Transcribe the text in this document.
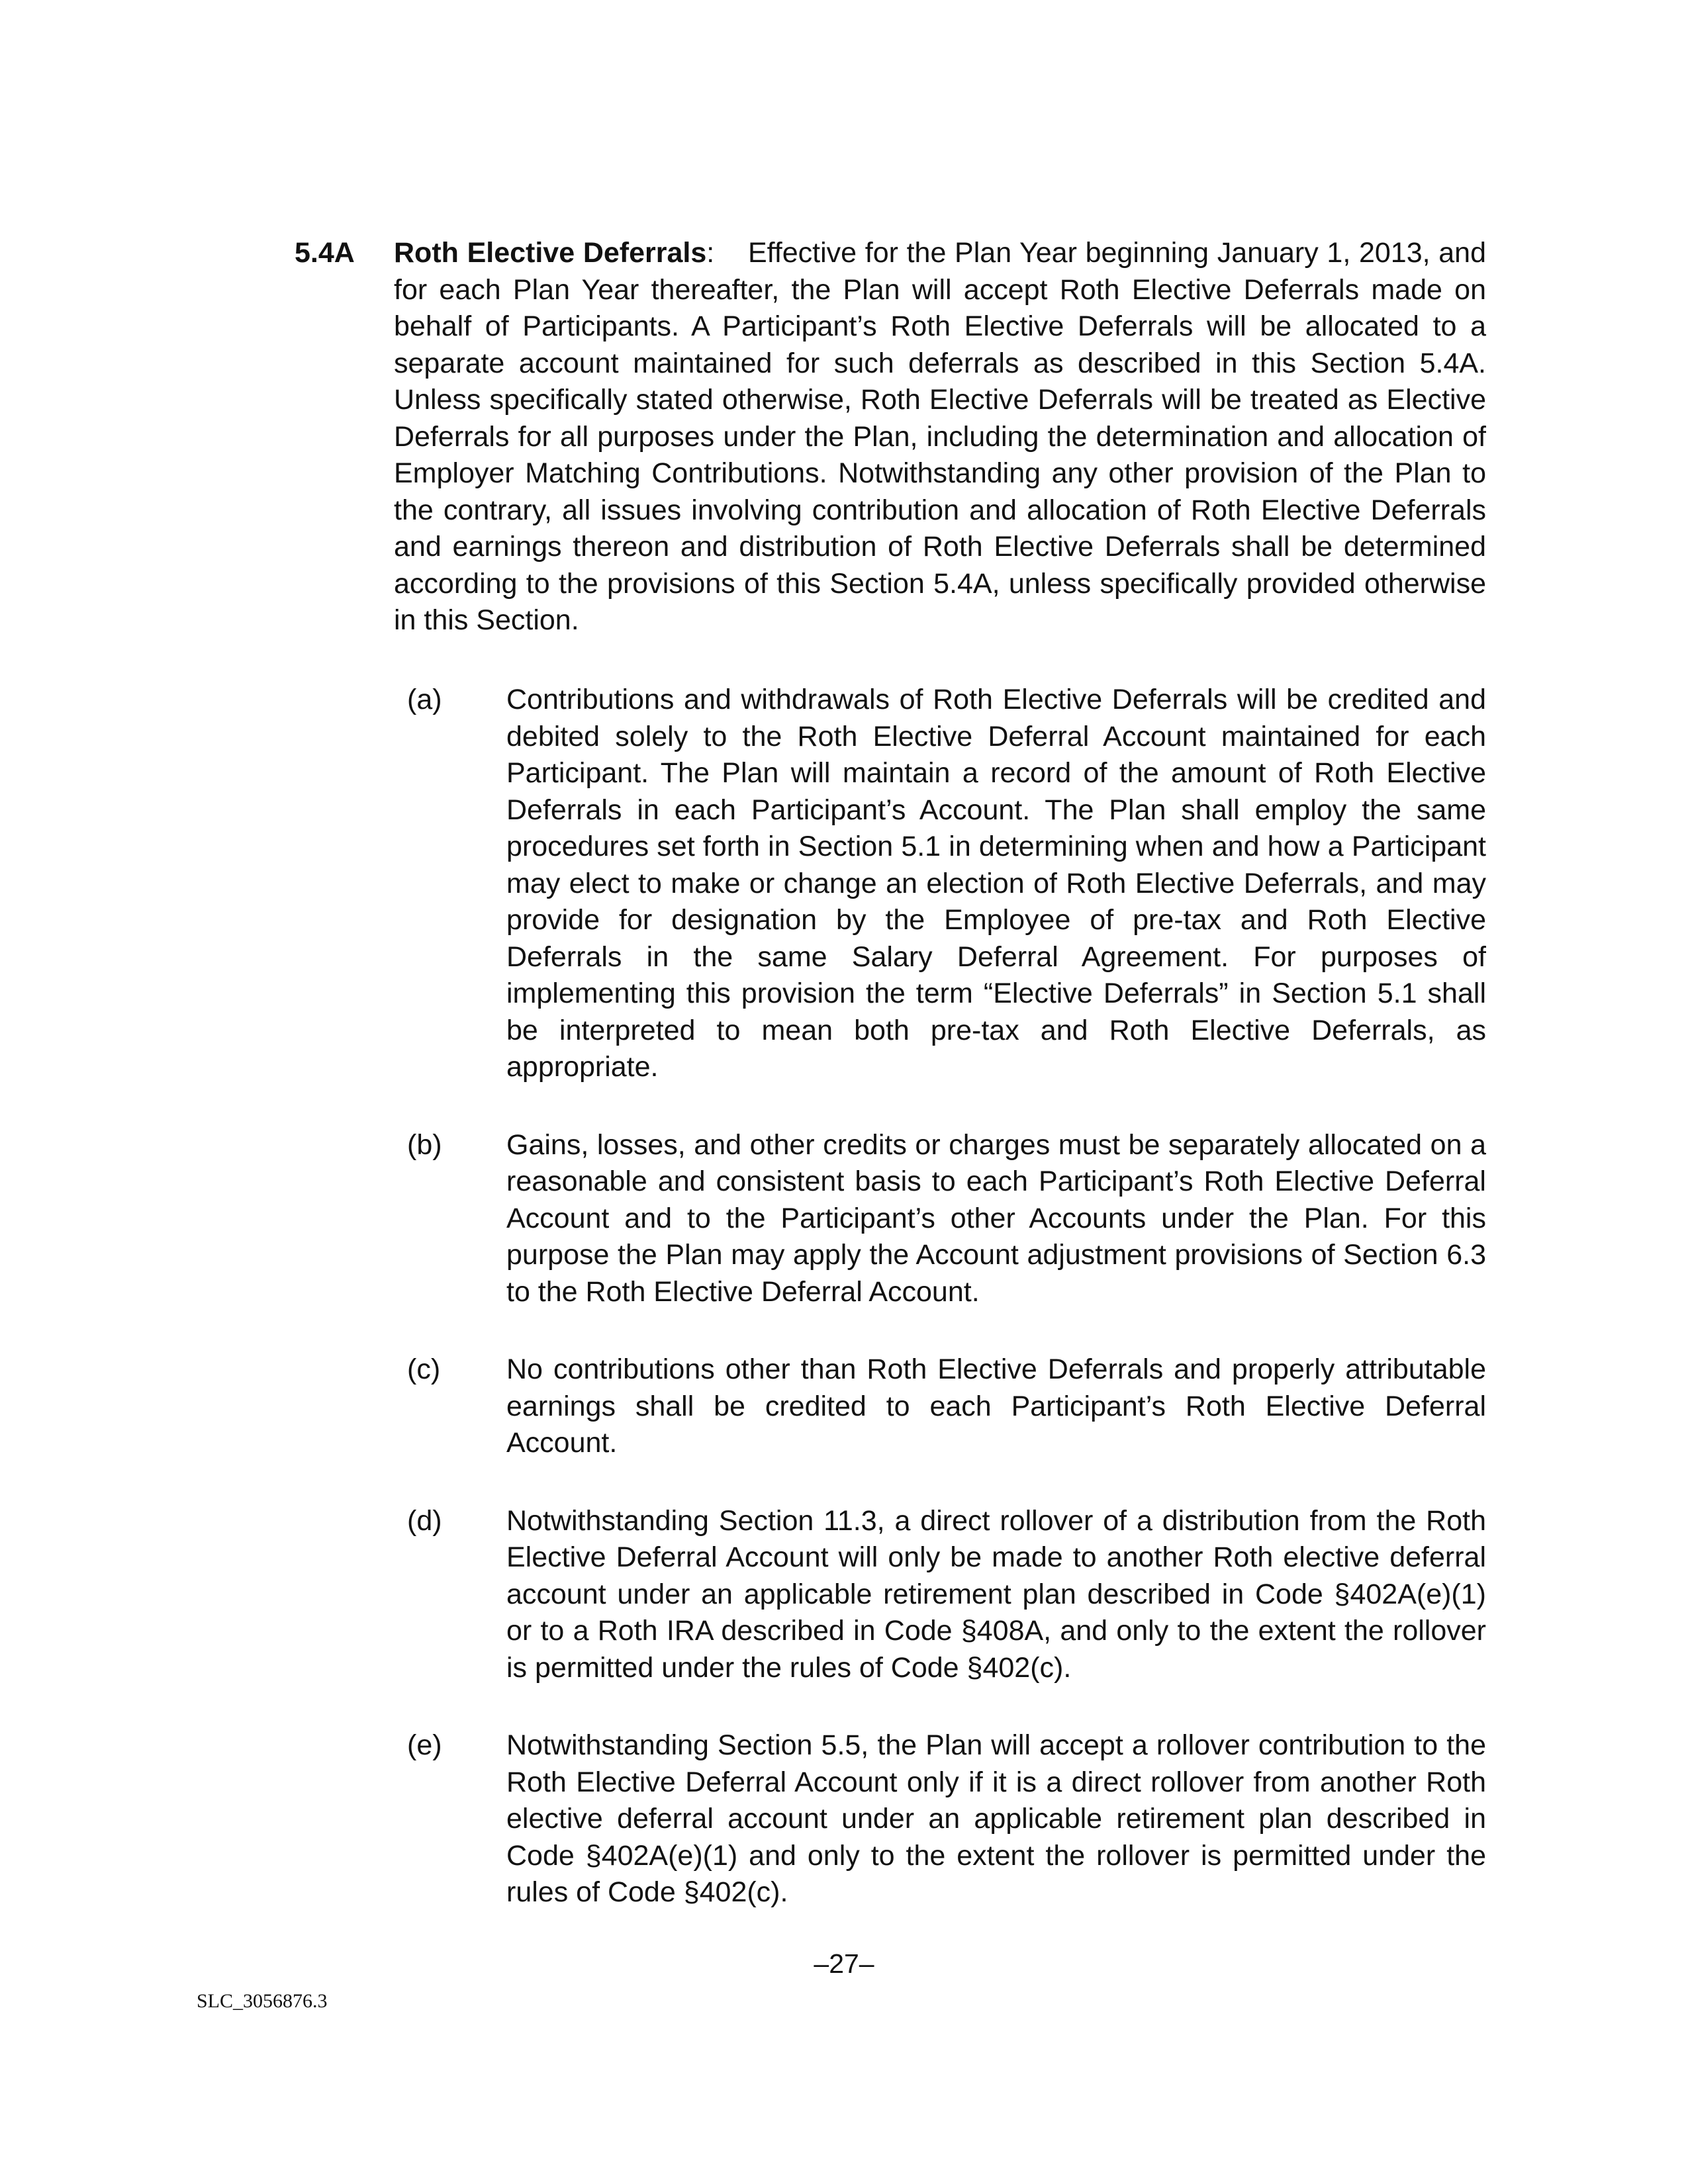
5.4A Roth Elective Deferrals: Effective for the Plan Year beginning January 1, 2013, and for each Plan Year thereafter, the Plan will accept Roth Elective Deferrals made on behalf of Participants. A Participant’s Roth Elective Deferrals will be allocated to a separate account maintained for such deferrals as described in this Section 5.4A. Unless specifically stated otherwise, Roth Elective Deferrals will be treated as Elective Deferrals for all purposes under the Plan, including the determination and allocation of Employer Matching Contributions. Notwithstanding any other provision of the Plan to the contrary, all issues involving contribution and allocation of Roth Elective Deferrals and earnings thereon and distribution of Roth Elective Deferrals shall be determined according to the provisions of this Section 5.4A, unless specifically provided otherwise in this Section.
(a) Contributions and withdrawals of Roth Elective Deferrals will be credited and debited solely to the Roth Elective Deferral Account maintained for each Participant. The Plan will maintain a record of the amount of Roth Elective Deferrals in each Participant’s Account. The Plan shall employ the same procedures set forth in Section 5.1 in determining when and how a Participant may elect to make or change an election of Roth Elective Deferrals, and may provide for designation by the Employee of pre-tax and Roth Elective Deferrals in the same Salary Deferral Agreement. For purposes of implementing this provision the term “Elective Deferrals” in Section 5.1 shall be interpreted to mean both pre-tax and Roth Elective Deferrals, as appropriate.
(b) Gains, losses, and other credits or charges must be separately allocated on a reasonable and consistent basis to each Participant’s Roth Elective Deferral Account and to the Participant’s other Accounts under the Plan. For this purpose the Plan may apply the Account adjustment provisions of Section 6.3 to the Roth Elective Deferral Account.
(c) No contributions other than Roth Elective Deferrals and properly attributable earnings shall be credited to each Participant’s Roth Elective Deferral Account.
(d) Notwithstanding Section 11.3, a direct rollover of a distribution from the Roth Elective Deferral Account will only be made to another Roth elective deferral account under an applicable retirement plan described in Code §402A(e)(1) or to a Roth IRA described in Code §408A, and only to the extent the rollover is permitted under the rules of Code §402(c).
(e) Notwithstanding Section 5.5, the Plan will accept a rollover contribution to the Roth Elective Deferral Account only if it is a direct rollover from another Roth elective deferral account under an applicable retirement plan described in Code §402A(e)(1) and only to the extent the rollover is permitted under the rules of Code §402(c).
–27–
SLC_3056876.3
